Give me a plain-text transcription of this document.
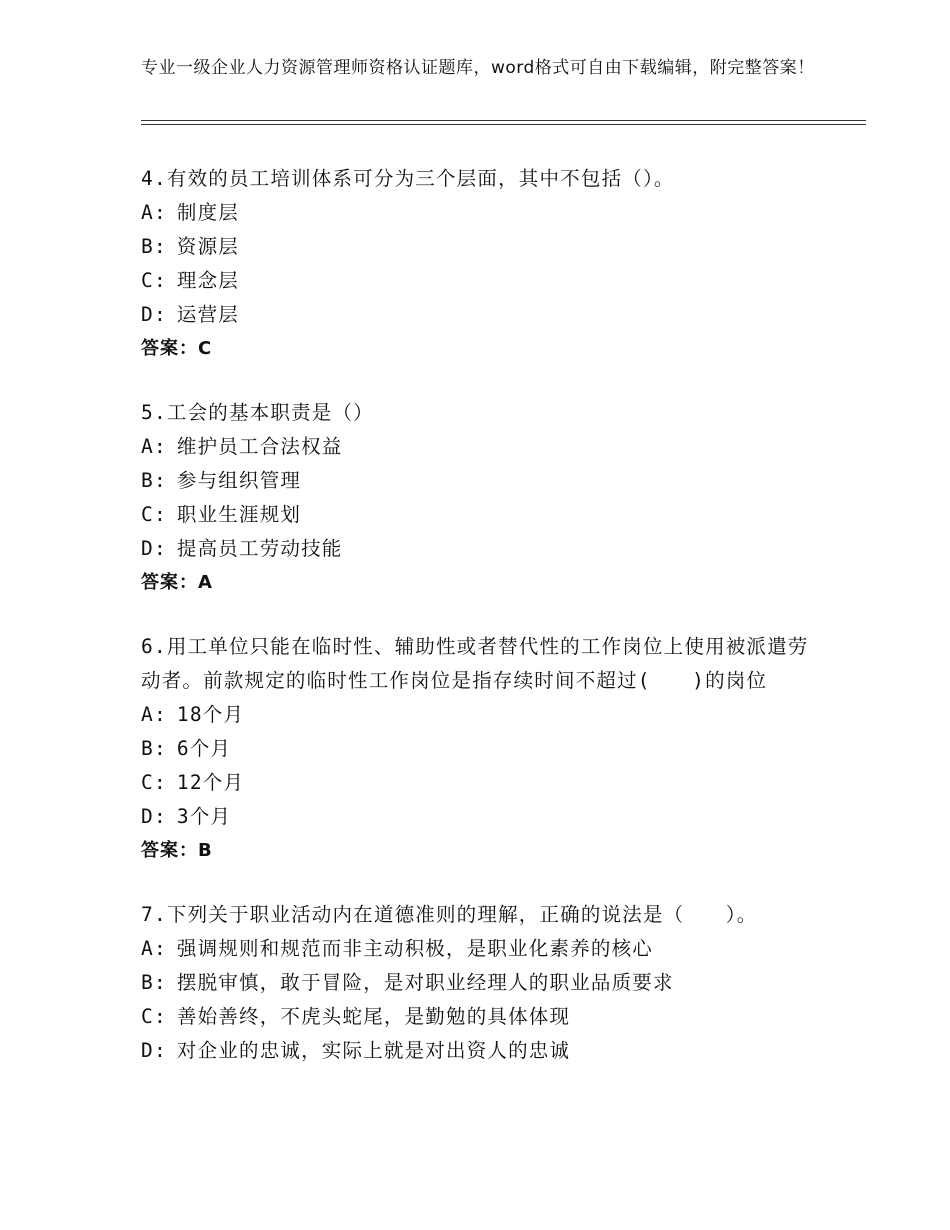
专业一级企业人力资源管理师资格认证题库，word格式可自由下载编辑，附完整答案！

4.有效的员工培训体系可分为三个层面，其中不包括（）。

A: 制度层

B: 资源层

C: 理念层

D: 运营层

答案：C

5.工会的基本职责是（）

A: 维护员工合法权益

B: 参与组织管理

C: 职业生涯规划

D: 提高员工劳动技能

答案：A

6.用工单位只能在临时性、辅助性或者替代性的工作岗位上使用被派遣劳动者。前款规定的临时性工作岗位是指存续时间不超过(　　)的岗位

A: 18个月

B: 6个月

C: 12个月

D: 3个月

答案：B

7.下列关于职业活动内在道德准则的理解，正确的说法是（　　）。

A: 强调规则和规范而非主动积极，是职业化素养的核心

B: 摆脱审慎，敢于冒险，是对职业经理人的职业品质要求

C: 善始善终，不虎头蛇尾，是勤勉的具体体现

D: 对企业的忠诚，实际上就是对出资人的忠诚
